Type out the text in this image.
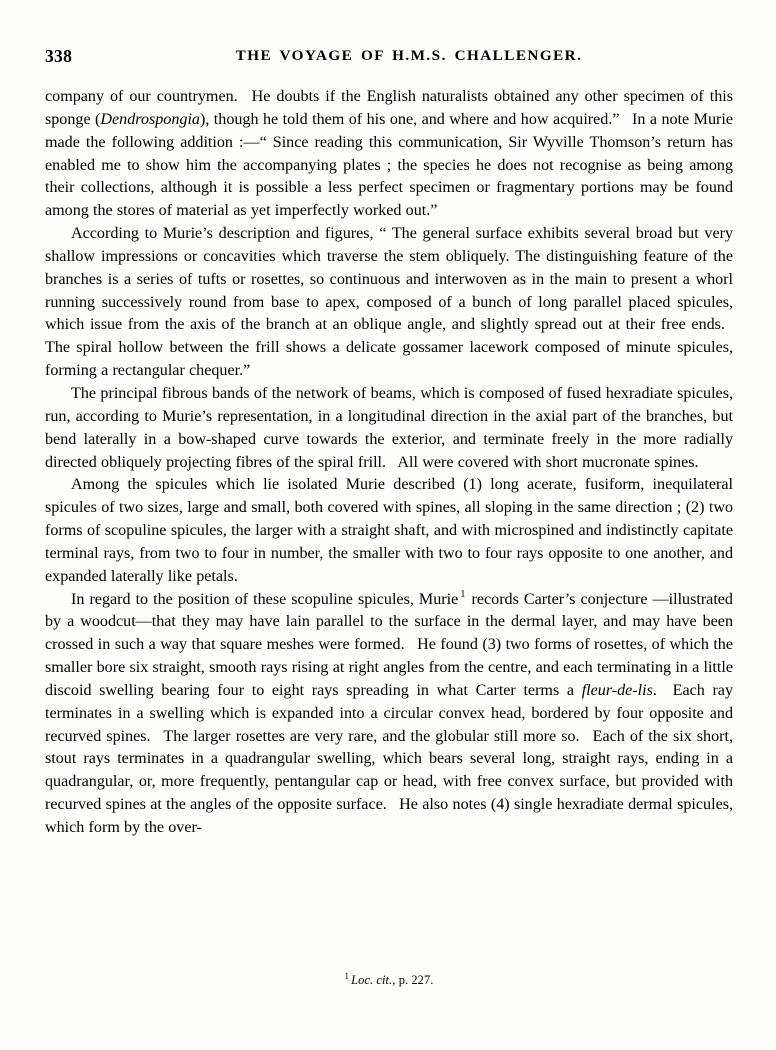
338	THE VOYAGE OF H.M.S. CHALLENGER.

company of our countrymen.  He doubts if the English naturalists obtained any other specimen of this sponge (Dendrospongia), though he told them of his one, and where and how acquired.”  In a note Murie made the following addition :—“ Since reading this communication, Sir Wyville Thomson’s return has enabled me to show him the accompanying plates ; the species he does not recognise as being among their collections, although it is possible a less perfect specimen or fragmentary portions may be found among the stores of material as yet imperfectly worked out.”

According to Murie’s description and figures, “ The general surface exhibits several broad but very shallow impressions or concavities which traverse the stem obliquely. The distinguishing feature of the branches is a series of tufts or rosettes, so continuous and interwoven as in the main to present a whorl running successively round from base to apex, composed of a bunch of long parallel placed spicules, which issue from the axis of the branch at an oblique angle, and slightly spread out at their free ends.  The spiral hollow between the frill shows a delicate gossamer lacework composed of minute spicules, forming a rectangular chequer.”

The principal fibrous bands of the network of beams, which is composed of fused hexradiate spicules, run, according to Murie’s representation, in a longitudinal direction in the axial part of the branches, but bend laterally in a bow-shaped curve towards the exterior, and terminate freely in the more radially directed obliquely projecting fibres of the spiral frill.  All were covered with short mucronate spines.

Among the spicules which lie isolated Murie described (1) long acerate, fusiform, inequilateral spicules of two sizes, large and small, both covered with spines, all sloping in the same direction ; (2) two forms of scopuline spicules, the larger with a straight shaft, and with microspined and indistinctly capitate terminal rays, from two to four in number, the smaller with two to four rays opposite to one another, and expanded laterally like petals.

In regard to the position of these scopuline spicules, Murie $^1$ records Carter’s conjecture —illustrated by a woodcut—that they may have lain parallel to the surface in the dermal layer, and may have been crossed in such a way that square meshes were formed.  He found (3) two forms of rosettes, of which the smaller bore six straight, smooth rays rising at right angles from the centre, and each terminating in a little discoid swelling bearing four to eight rays spreading in what Carter terms a fleur-de-lis.  Each ray terminates in a swelling which is expanded into a circular convex head, bordered by four opposite and recurved spines.  The larger rosettes are very rare, and the globular still more so.  Each of the six short, stout rays terminates in a quadrangular swelling, which bears several long, straight rays, ending in a quadrangular, or, more frequently, pentangular cap or head, with free convex surface, but provided with recurved spines at the angles of the opposite surface.  He also notes (4) single hexradiate dermal spicules, which form by the over-

$^1$ Loc. cit., p. 227.
